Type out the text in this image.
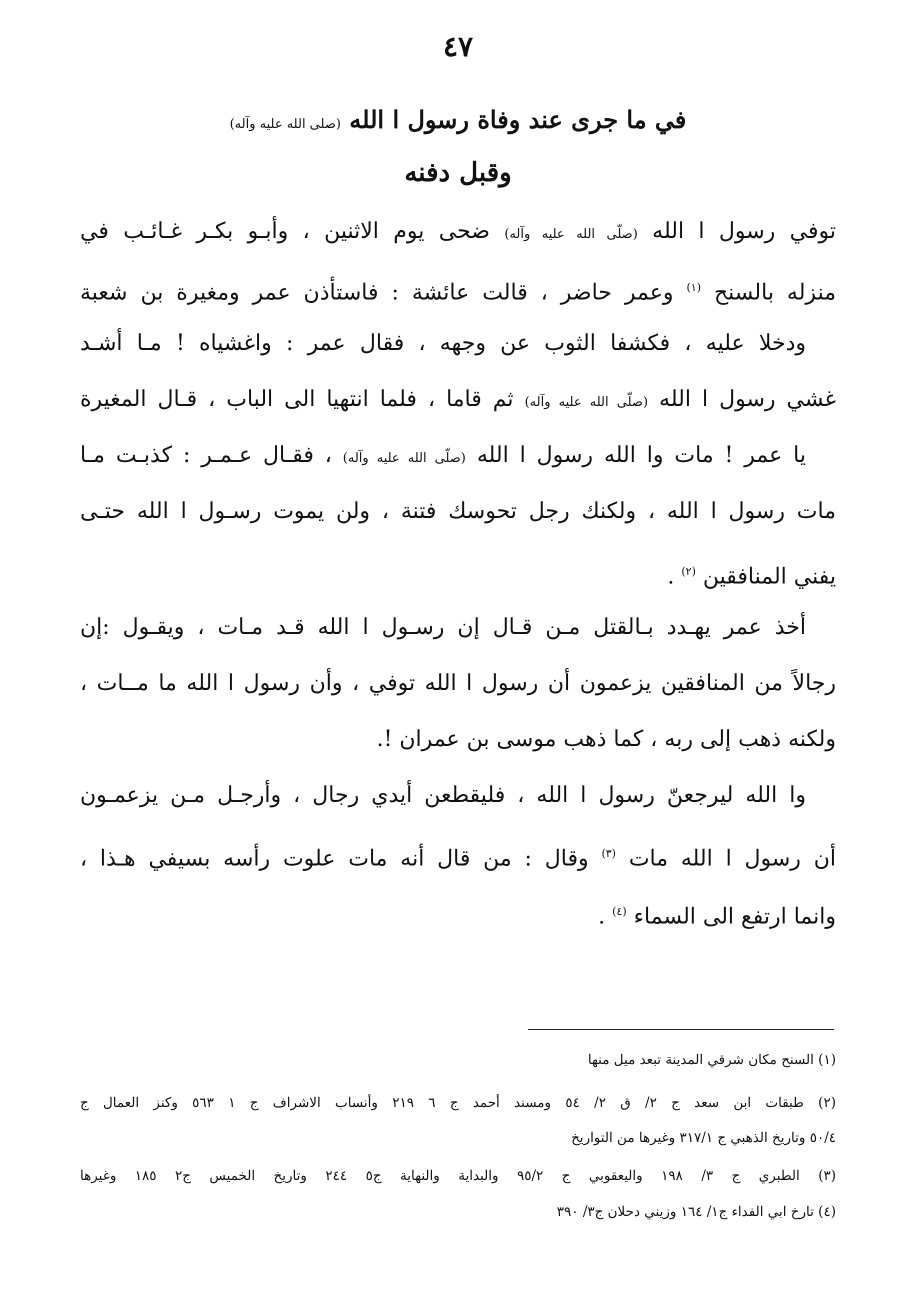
٤٧
في ما جرى عند وفاة رسول ا الله (صلى الله عليه وآله)
وقبل دفنه
توفي رسول ا الله (صلّى الله عليه وآله) ضحى يوم الاثنين ، وأبـو بكـر غـائـب في
منزله بالسنح $^{(١)}$ وعمر حاضر ، قالت عائشة : فاستأذن عمر ومغيرة بن شعبة
ودخلا عليه ، فكشفا الثوب عن وجهه ، فقال عمر : واغشياه ! مـا أشـد
غشي رسول ا الله (صلّى الله عليه وآله) ثم قاما ، فلما انتهيا الى الباب ، قـال المغيرة
يا عمر ! مات وا الله رسول ا الله (صلّى الله عليه وآله) ، فقـال عـمـر : كذبـت مـا
مات رسول ا الله ، ولكنك رجل تحوسك فتنة ، ولن يموت رسـول ا الله حتـى
يفني المنافقين $^{(٢)}$ .
أخذ عمر يهـدد بـالقتل مـن قـال إن رسـول ا الله قـد مـات ، ويقـول :إن
رجالاً من المنافقين يزعمون أن رسول ا الله توفي ، وأن رسول ا الله ما مــات ،
ولكنه ذهب إلى ربه ، كما ذهب موسى بن عمران !.
وا الله ليرجعنّ رسول ا الله ، فليقطعن أيدي رجال ، وأرجـل مـن يزعمـون
أن رسول ا الله مات $^{(٣)}$ وقال : من قال أنه مات علوت رأسه بسيفي هـذا ،
وانما ارتفع الى السماء $^{(٤)}$ .
(١) السنح مكان شرقي المدينة تبعد ميل منها
(٢) طبقات ابن سعد ج ٢/ ق ٢/ ٥٤ ومسند أحمد ج ٦ ٢١٩ وأنساب الاشراف ج ١ ٥٦٣ وكنز العمال ج
٥٠/٤ وتاريخ الذهبي ج ٣١٧/١ وغيرها من التواريخ
(٣) الطبري ج ٣/ ١٩٨ واليعقوبي ج ٩٥/٢ والبداية والنهاية ج٥ ٢٤٤ وتاريخ الخميس ج٢ ١٨٥ وغيرها
(٤) تارخ ابي الفداء ج١/ ١٦٤ وزيني دحلان ج٣/ ٣٩٠
